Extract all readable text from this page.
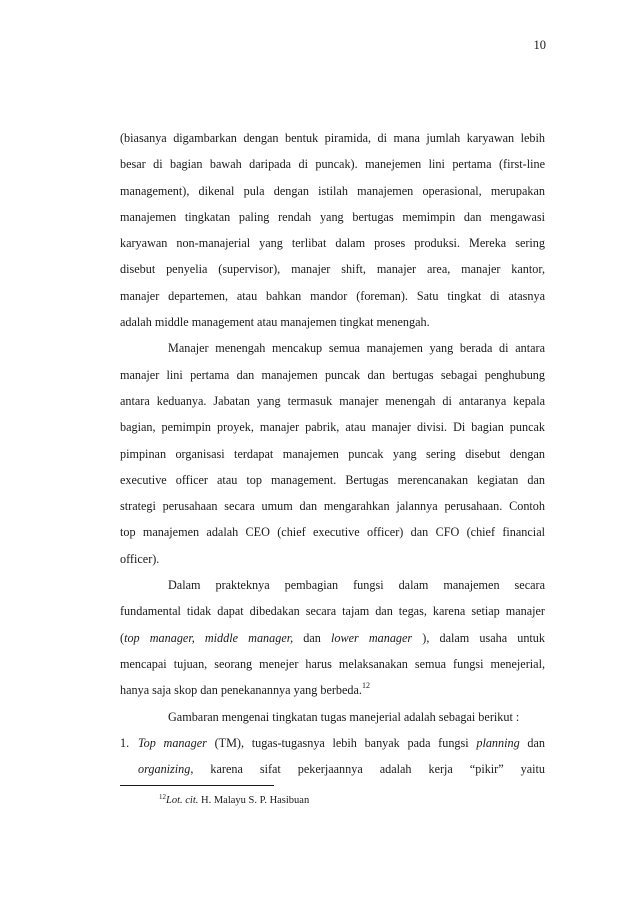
10
(biasanya digambarkan dengan bentuk piramida, di mana jumlah karyawan lebih
besar di bagian bawah daripada di puncak). manejemen lini pertama (first-line
management), dikenal pula dengan istilah manajemen operasional, merupakan
manajemen tingkatan paling rendah yang bertugas memimpin dan mengawasi
karyawan non-manajerial yang terlibat dalam proses produksi. Mereka sering
disebut penyelia (supervisor), manajer shift, manajer area, manajer kantor,
manajer departemen, atau bahkan mandor (foreman). Satu tingkat di atasnya
adalah middle management atau manajemen tingkat menengah.
Manajer menengah mencakup semua manajemen yang berada di antara
manajer lini pertama dan manajemen puncak dan bertugas sebagai penghubung
antara keduanya. Jabatan yang termasuk manajer menengah di antaranya kepala
bagian, pemimpin proyek, manajer pabrik, atau manajer divisi. Di bagian puncak
pimpinan organisasi terdapat manajemen puncak yang sering disebut dengan
executive officer atau top management. Bertugas merencanakan kegiatan dan
strategi perusahaan secara umum dan mengarahkan jalannya perusahaan. Contoh
top manajemen adalah CEO (chief executive officer) dan CFO (chief financial
officer).
Dalam prakteknya pembagian fungsi dalam manajemen secara
fundamental tidak dapat dibedakan secara tajam dan tegas, karena setiap manajer
(top manager, middle manager, dan lower manager ), dalam usaha untuk
mencapai tujuan, seorang menejer harus melaksanakan semua fungsi menejerial,
hanya saja skop dan penekanannya yang berbeda.$^{12}$
Gambaran mengenai tingkatan tugas manejerial adalah sebagai berikut :
1. Top manager (TM), tugas-tugasnya lebih banyak pada fungsi planning dan
organizing, karena sifat pekerjaannya adalah kerja “pikir” yaitu
$^{12}$Lot. cit. H. Malayu S. P. Hasibuan
